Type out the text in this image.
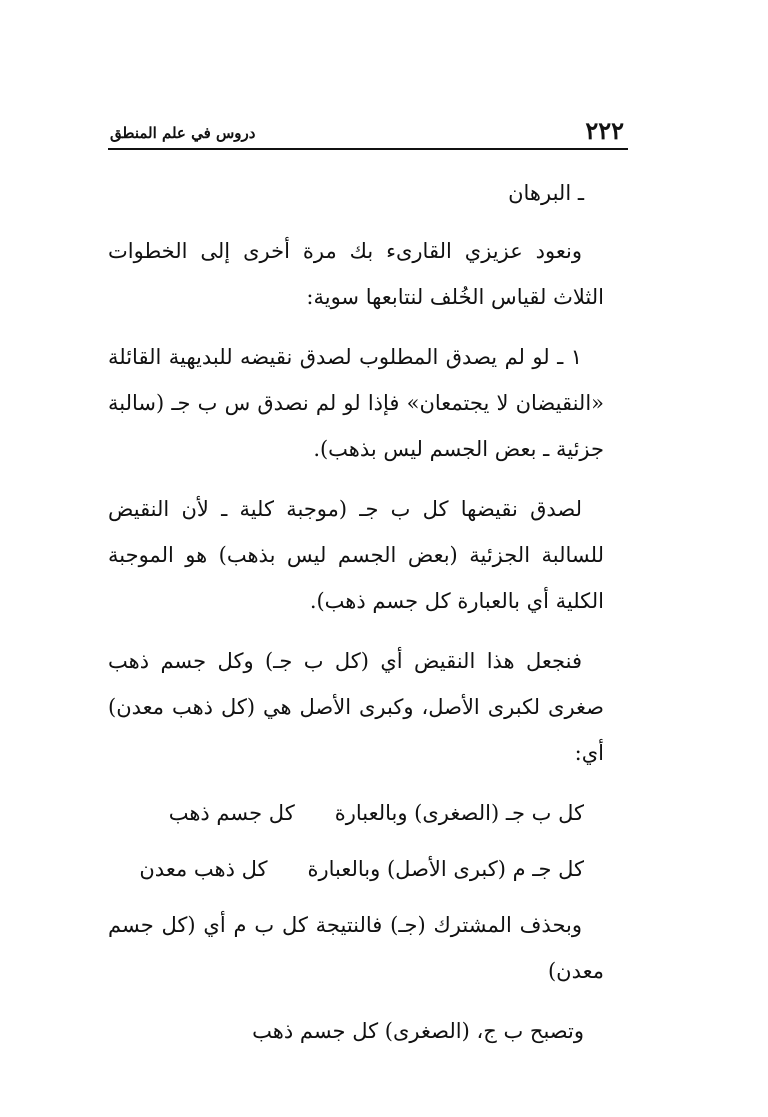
٢٢٢
دروس في علم المنطق

ـ البرهان

ونعود عزيزي القارىء بك مرة أخرى إلى الخطوات الثلاث لقياس الخُلف لنتابعها سوية:

١ ـ لو لم يصدق المطلوب لصدق نقيضه للبديهية القائلة «النقيضان لا يجتمعان» فإذا لو لم نصدق س ب جـ (سالبة جزئية ـ بعض الجسم ليس بذهب).

لصدق نقيضها كل ب جـ (موجبة كلية ـ لأن النقيض للسالبة الجزئية (بعض الجسم ليس بذهب) هو الموجبة الكلية أي بالعبارة كل جسم ذهب).

فنجعل هذا النقيض أي (كل ب جـ) وكل جسم ذهب صغرى لكبرى الأصل، وكبرى الأصل هي (كل ذهب معدن) أي:

كل ب جـ (الصغرى) وبالعبارة
كل جسم ذهب
كل جـ م (كبرى الأصل) وبالعبارة
كل ذهب معدن

وبحذف المشترك (جـ) فالنتيجة كل ب م أي (كل جسم معدن)

وتصبح ب ج، (الصغرى) كل جسم ذهب
